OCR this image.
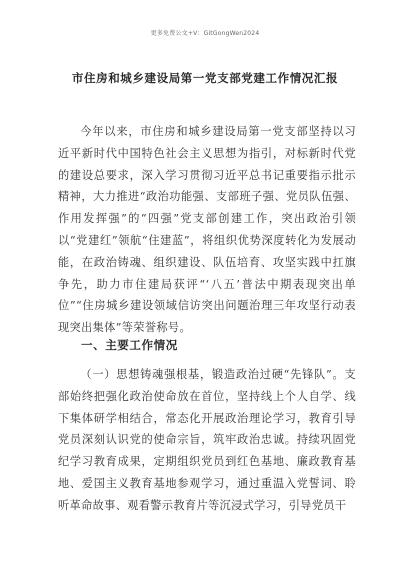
更多免费公文+V：GitGongWen2024
市住房和城乡建设局第一党支部党建工作情况汇报

今年以来，市住房和城乡建设局第一党支部坚持以习近平新时代中国特色社会主义思想为指引，对标新时代党的建设总要求，深入学习贯彻习近平总书记重要指示批示精神，大力推进“政治功能强、支部班子强、党员队伍强、作用发挥强”的“四强”党支部创建工作，突出政治引领以“党建红”领航“住建蓝”，将组织优势深度转化为发展动能，在政治铸魂、组织建设、队伍培育、攻坚实践中扛旗争先，助力市住建局获评“‘八五’普法中期表现突出单位”“住房城乡建设领域信访突出问题治理三年攻坚行动表现突出集体”等荣誉称号。

一、主要工作情况

（一）思想铸魂强根基，锻造政治过硬“先锋队”。支部始终把强化政治使命放在首位，坚持线上个人自学、线下集体研学相结合，常态化开展政治理论学习，教育引导党员深刻认识党的使命宗旨，筑牢政治忠诚。持续巩固党纪学习教育成果，定期组织党员到红色基地、廉政教育基地、爱国主义教育基地参观学习，通过重温入党誓词、聆听革命故事、观看警示教育片等沉浸式学习，引导党员干
